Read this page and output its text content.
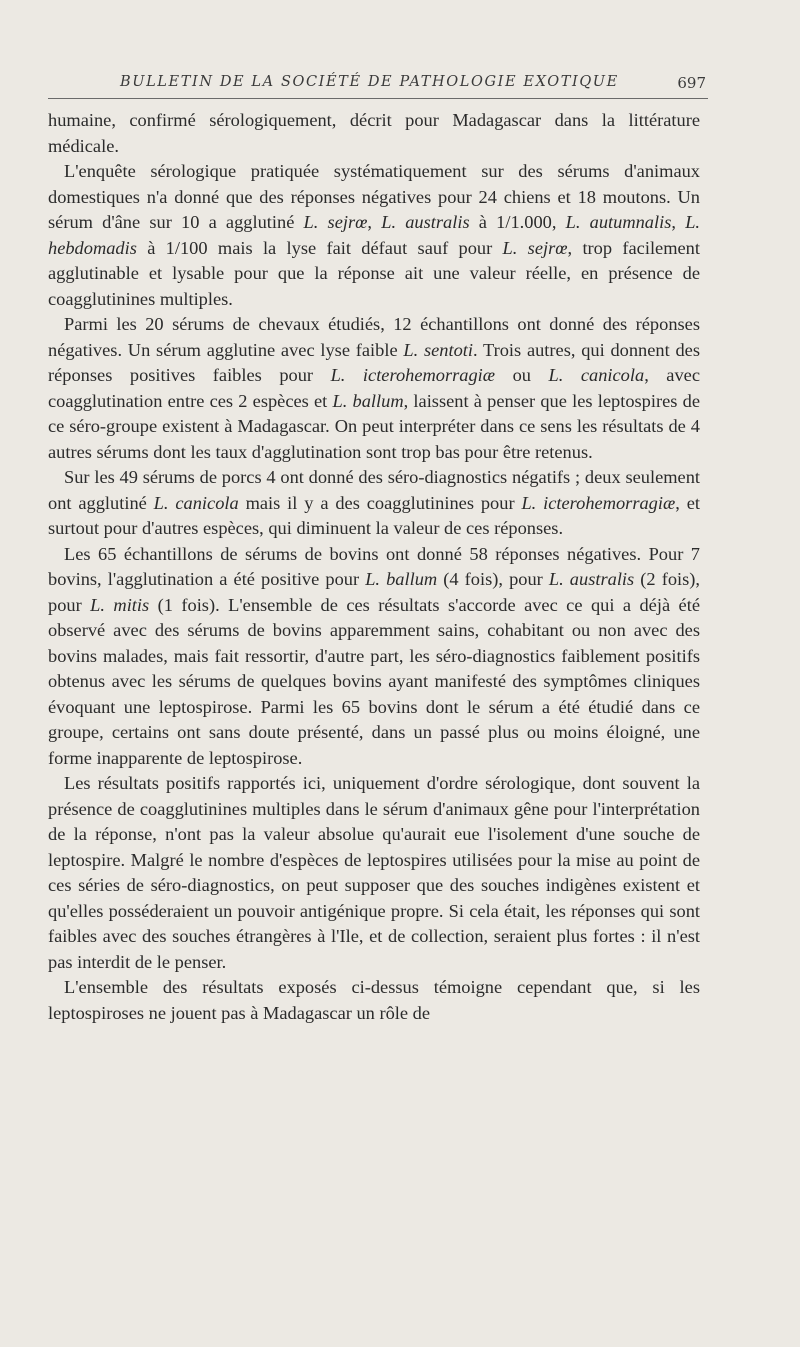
BULLETIN DE LA SOCIÉTÉ DE PATHOLOGIE EXOTIQUE	697

humaine, confirmé sérologiquement, décrit pour Madagascar dans la littérature médicale.

L'enquête sérologique pratiquée systématiquement sur des sérums d'animaux domestiques n'a donné que des réponses négatives pour 24 chiens et 18 moutons. Un sérum d'âne sur 10 a agglutiné L. sejrœ, L. australis à 1/1.000, L. autumnalis, L. hebdomadis à 1/100 mais la lyse fait défaut sauf pour L. sejrœ, trop facilement agglutinable et lysable pour que la réponse ait une valeur réelle, en présence de coagglutinines multiples.

Parmi les 20 sérums de chevaux étudiés, 12 échantillons ont donné des réponses négatives. Un sérum agglutine avec lyse faible L. sentoti. Trois autres, qui donnent des réponses positives faibles pour L. icterohemorragiæ ou L. canicola, avec coagglutination entre ces 2 espèces et L. ballum, laissent à penser que les leptospires de ce séro-groupe existent à Madagascar. On peut interpréter dans ce sens les résultats de 4 autres sérums dont les taux d'agglutination sont trop bas pour être retenus.

Sur les 49 sérums de porcs 4 ont donné des séro-diagnostics négatifs ; deux seulement ont agglutiné L. canicola mais il y a des coagglutinines pour L. icterohemorragiæ, et surtout pour d'autres espèces, qui diminuent la valeur de ces réponses.

Les 65 échantillons de sérums de bovins ont donné 58 réponses négatives. Pour 7 bovins, l'agglutination a été positive pour L. ballum (4 fois), pour L. australis (2 fois), pour L. mitis (1 fois). L'ensemble de ces résultats s'accorde avec ce qui a déjà été observé avec des sérums de bovins apparemment sains, cohabitant ou non avec des bovins malades, mais fait ressortir, d'autre part, les séro-diagnostics faiblement positifs obtenus avec les sérums de quelques bovins ayant manifesté des symptômes cliniques évoquant une leptospirose. Parmi les 65 bovins dont le sérum a été étudié dans ce groupe, certains ont sans doute présenté, dans un passé plus ou moins éloigné, une forme inapparente de leptospirose.

Les résultats positifs rapportés ici, uniquement d'ordre sérologique, dont souvent la présence de coagglutinines multiples dans le sérum d'animaux gêne pour l'interprétation de la réponse, n'ont pas la valeur absolue qu'aurait eue l'isolement d'une souche de leptospire. Malgré le nombre d'espèces de leptospires utilisées pour la mise au point de ces séries de séro-diagnostics, on peut supposer que des souches indigènes existent et qu'elles posséderaient un pouvoir antigénique propre. Si cela était, les réponses qui sont faibles avec des souches étrangères à l'Ile, et de collection, seraient plus fortes : il n'est pas interdit de le penser.

L'ensemble des résultats exposés ci-dessus témoigne cependant que, si les leptospiroses ne jouent pas à Madagascar un rôle de
